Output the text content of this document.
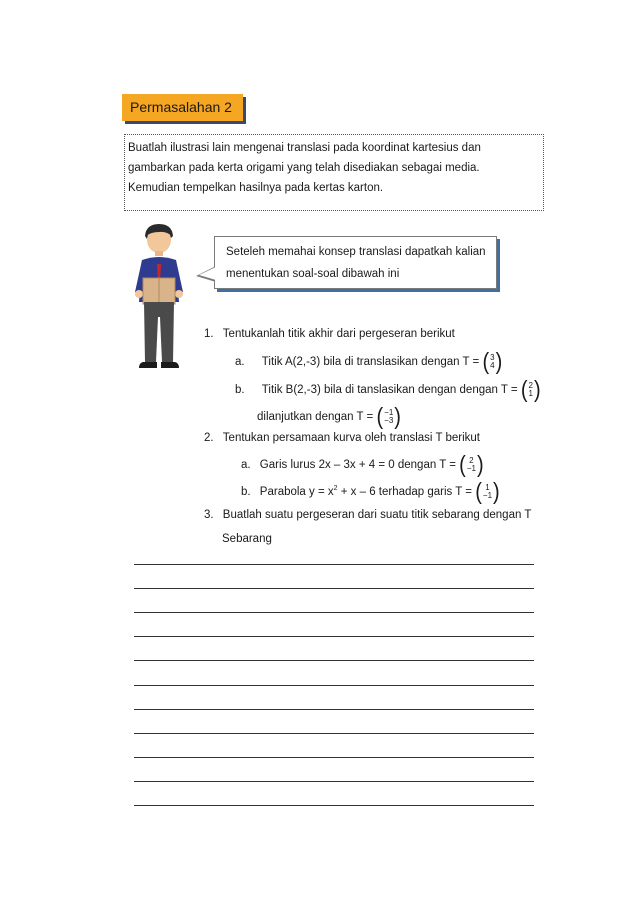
Permasalahan 2

Buatlah ilustrasi lain mengenai translasi pada koordinat kartesius dan

gambarkan pada kerta origami yang telah disediakan sebagai media.

Kemudian tempelkan hasilnya pada kertas karton.

Seteleh memahai konsep translasi dapatkah kalian

menentukan soal-soal dibawah ini

1. Tentukanlah titik akhir dari pergeseran berikut
a. Titik A(2,-3) bila di translasikan dengan T = ( 3
4 )
b. Titik B(2,-3) bila di tanslasikan dengan dengan T = ( 2
1 )
dilanjutkan dengan T = ( −1
−3 )
2. Tentukan persamaan kurva oleh translasi T berikut
a. Garis lurus 2x – 3x + 4 = 0 dengan T = ( 2
−1 )
b. Parabola $y = x^2 + x - 6$ terhadap garis T = ( 1
−1 )
3. Buatlah suatu pergeseran dari suatu titik sebarang dengan T
Sebarang
